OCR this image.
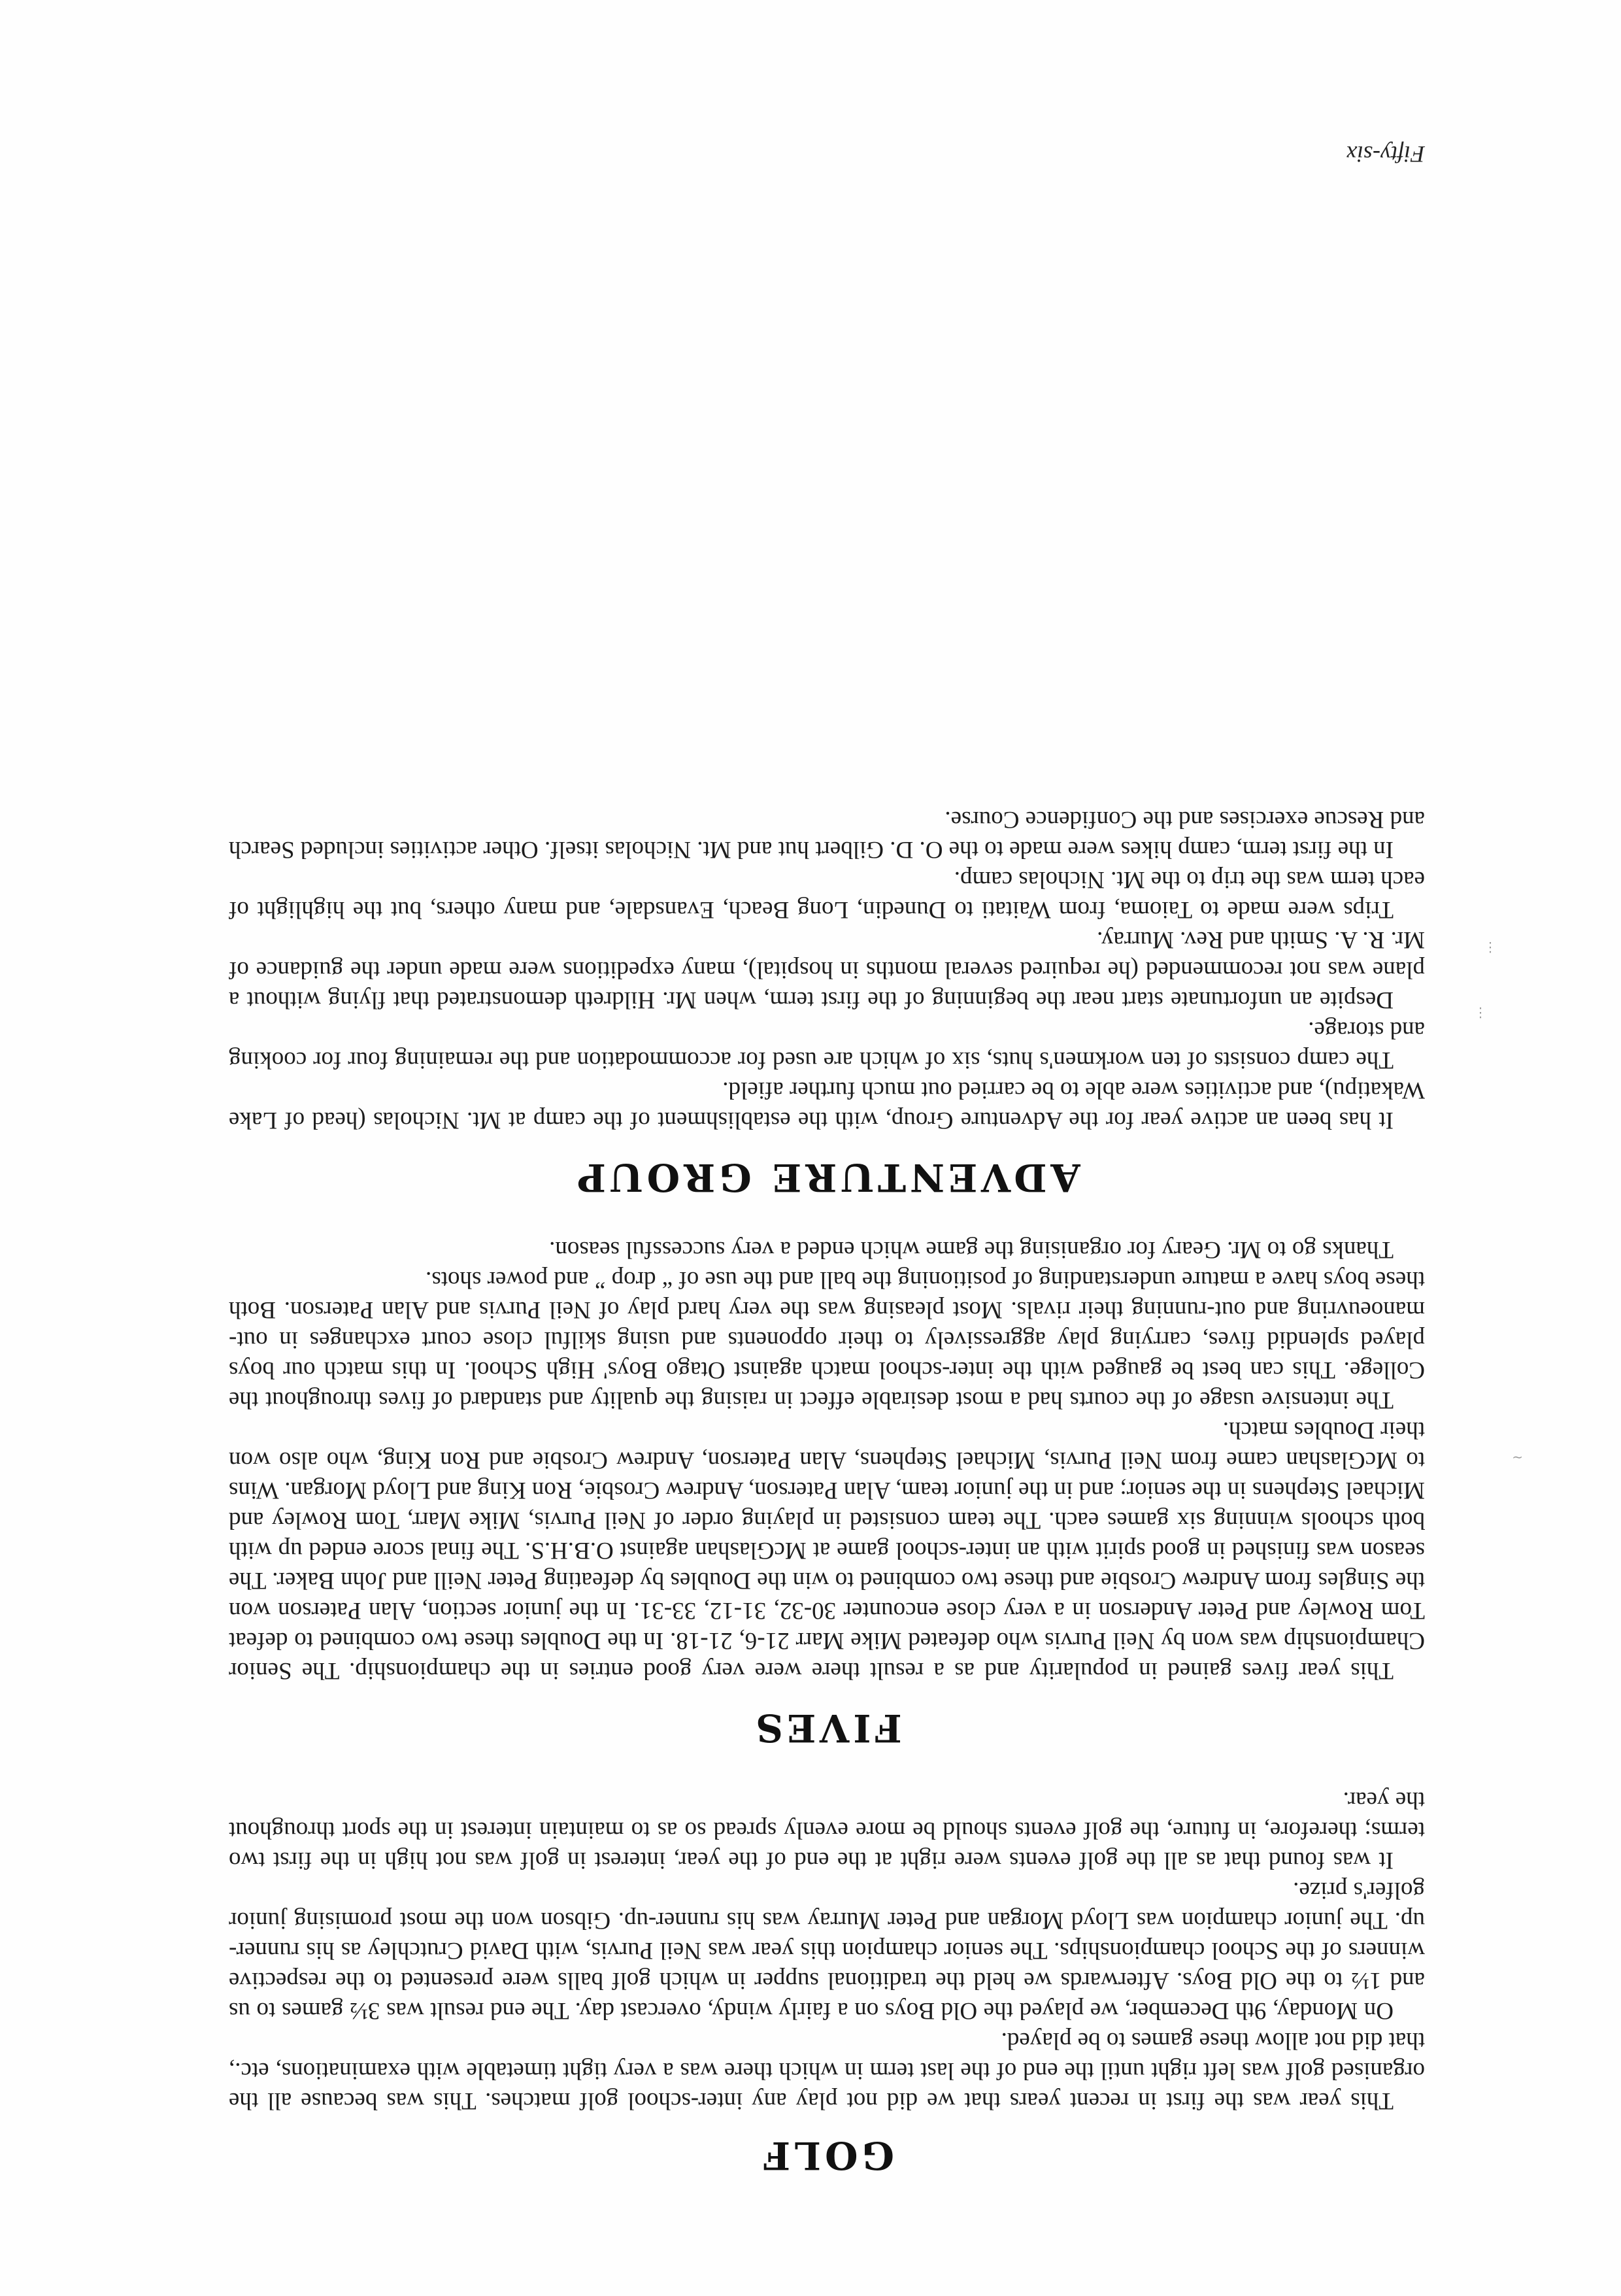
GOLF

This year was the first in recent years that we did not play any inter-school golf matches. This was because all the organised golf was left right until the end of the last term in which there was a very tight timetable with examinations, etc., that did not allow these games to be played.

On Monday, 9th December, we played the Old Boys on a fairly windy, overcast day. The end result was 3½ games to us and 1½ to the Old Boys. Afterwards we held the traditional supper in which golf balls were presented to the respective winners of the School championships. The senior champion this year was Neil Purvis, with David Crutchley as his runner-up. The junior champion was Lloyd Morgan and Peter Murray was his runner-up. Gibson won the most promising junior golfer's prize.

It was found that as all the golf events were right at the end of the year, interest in golf was not high in the first two terms; therefore, in future, the golf events should be more evenly spread so as to maintain interest in the sport throughout the year.

FIVES

This year fives gained in popularity and as a result there were very good entries in the championship. The Senior Championship was won by Neil Purvis who defeated Mike Marr 21-6, 21-18. In the Doubles these two combined to defeat Tom Rowley and Peter Anderson in a very close encounter 30-32, 31-12, 33-31. In the junior section, Alan Paterson won the Singles from Andrew Crosbie and these two combined to win the Doubles by defeating Peter Neill and John Baker. The season was finished in good spirit with an inter-school game at McGlashan against O.B.H.S. The final score ended up with both schools winning six games each. The team consisted in playing order of Neil Purvis, Mike Marr, Tom Rowley and Michael Stephens in the senior; and in the junior team, Alan Paterson, Andrew Crosbie, Ron King and Lloyd Morgan. Wins to McGlashan came from Neil Purvis, Michael Stephens, Alan Paterson, Andrew Crosbie and Ron King, who also won their Doubles match.

The intensive usage of the courts had a most desirable effect in raising the quality and standard of fives throughout the College. This can best be gauged with the inter-school match against Otago Boys' High School. In this match our boys played splendid fives, carrying play aggressively to their opponents and using skilful close court exchanges in out-manoeuvring and out-running their rivals. Most pleasing was the very hard play of Neil Purvis and Alan Paterson. Both these boys have a mature understanding of positioning the ball and the use of “ drop ” and power shots.

Thanks go to Mr. Geary for organising the game which ended a very successful season.

ADVENTURE GROUP

It has been an active year for the Adventure Group, with the establishment of the camp at Mt. Nicholas (head of Lake Wakatipu), and activities were able to be carried out much further afield.

The camp consists of ten workmen's huts, six of which are used for accommodation and the remaining four for cooking and storage.

Despite an unfortunate start near the beginning of the first term, when Mr. Hildreth demonstrated that flying without a plane was not recommended (he required several months in hospital), many expeditions were made under the guidance of Mr. R. A. Smith and Rev. Murray.

Trips were made to Taioma, from Waitati to Dunedin, Long Beach, Evansdale, and many others, but the highlight of each term was the trip to the Mt. Nicholas camp.

In the first term, camp hikes were made to the O. D. Gilbert hut and Mt. Nicholas itself. Other activities included Search and Rescue exercises and the Confidence Course.

Fifty-six
∼
⋮
⋮
